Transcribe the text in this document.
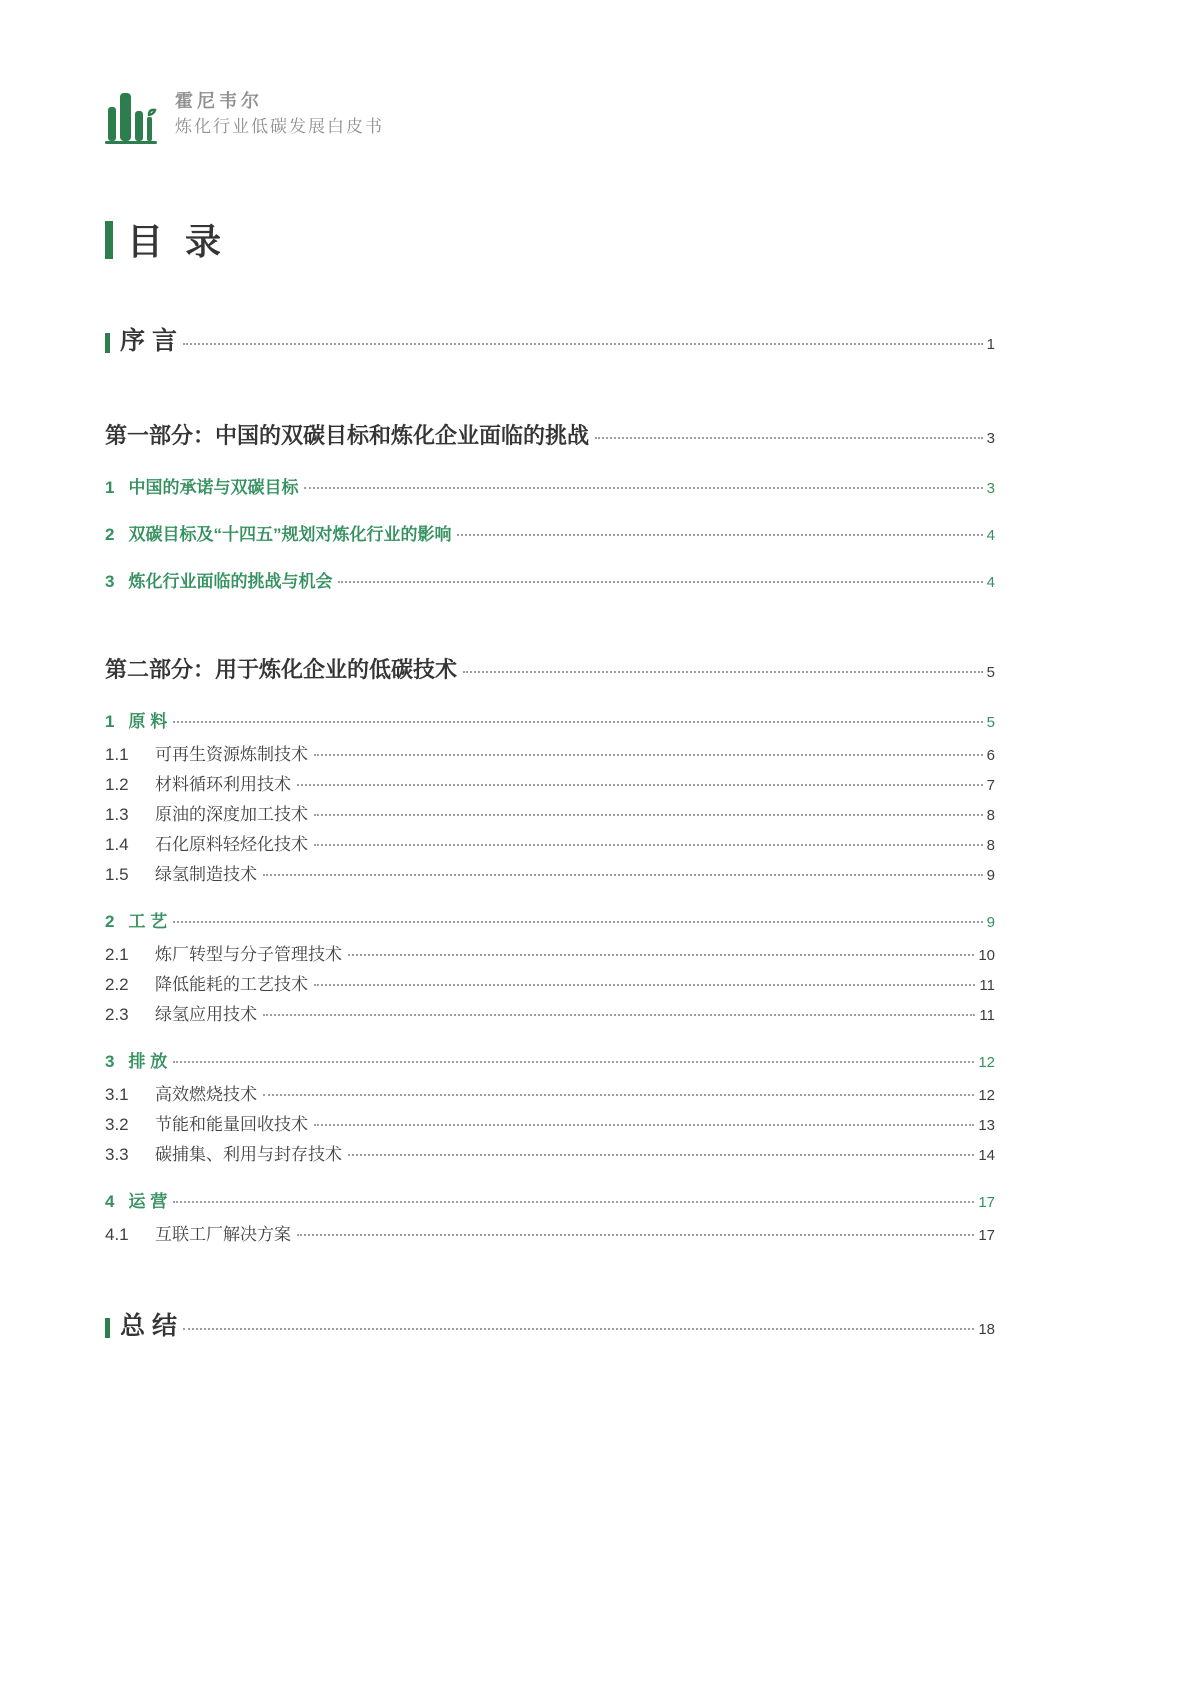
霍尼韦尔
炼化行业低碳发展白皮书
目 录
序 言	1
第一部分：中国的双碳目标和炼化企业面临的挑战	3
1 中国的承诺与双碳目标	3
2 双碳目标及“十四五”规划对炼化行业的影响	4
3 炼化行业面临的挑战与机会	4
第二部分：用于炼化企业的低碳技术	5
1 原 料	5
1.1	可再生资源炼制技术	6
1.2	材料循环利用技术	7
1.3	原油的深度加工技术	8
1.4	石化原料轻烃化技术	8
1.5	绿氢制造技术	9
2 工 艺	9
2.1	炼厂转型与分子管理技术	10
2.2	降低能耗的工艺技术	11
2.3	绿氢应用技术	11
3 排 放	12
3.1	高效燃烧技术	12
3.2	节能和能量回收技术	13
3.3	碳捕集、利用与封存技术	14
4 运 营	17
4.1	互联工厂解决方案	17
总 结	18
